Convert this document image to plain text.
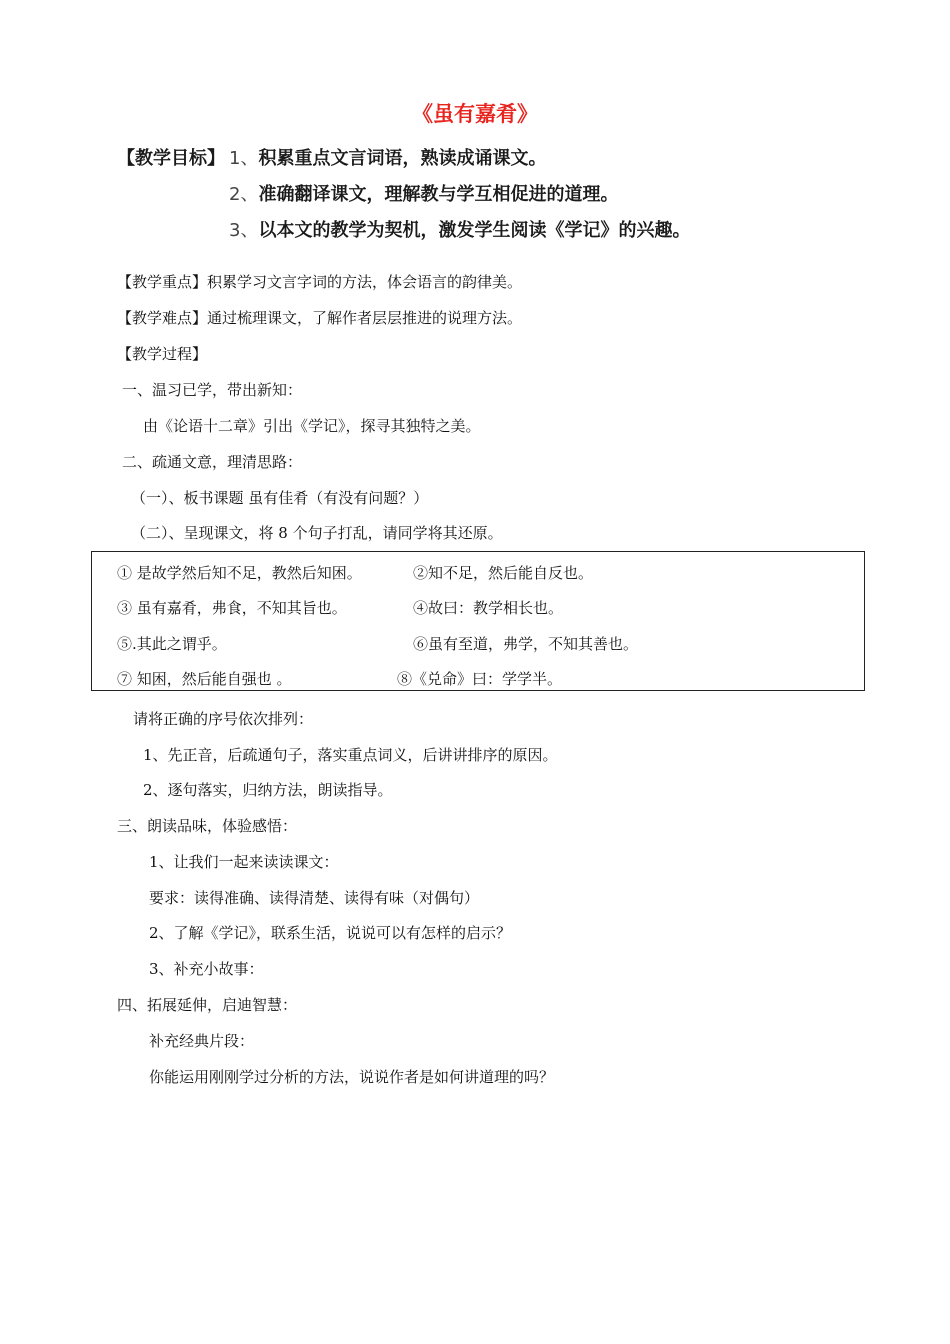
《虽有嘉肴》
【教学目标】 1、积累重点文言词语，熟读成诵课文。
2、准确翻译课文，理解教与学互相促进的道理。
3、以本文的教学为契机，激发学生阅读《学记》的兴趣。
【教学重点】积累学习文言字词的方法，体会语言的韵律美。
【教学难点】通过梳理课文，了解作者层层推进的说理方法。
【教学过程】
一、温习已学，带出新知：
由《论语十二章》引出《学记》，探寻其独特之美。
二、疏通文意，理清思路：
（一）、板书课题 虽有佳肴（有没有问题？）
（二）、呈现课文，将 8 个句子打乱，请同学将其还原。
① 是故学然后知不足，教然后知困。	②知不足，然后能自反也。
③ 虽有嘉肴，弗食，不知其旨也。	④故曰：教学相长也。
⑤.其此之谓乎。	⑥虽有至道，弗学，不知其善也。
⑦ 知困，然后能自强也 。	⑧《兑命》曰：学学半。
请将正确的序号依次排列：
1、先正音，后疏通句子，落实重点词义，后讲讲排序的原因。
2、逐句落实，归纳方法，朗读指导。
三、朗读品味，体验感悟：
1、让我们一起来读读课文：
要求：读得准确、读得清楚、读得有味（对偶句）
2、了解《学记》，联系生活，说说可以有怎样的启示？
3、补充小故事：
四、拓展延伸，启迪智慧：
补充经典片段：
你能运用刚刚学过分析的方法，说说作者是如何讲道理的吗？
